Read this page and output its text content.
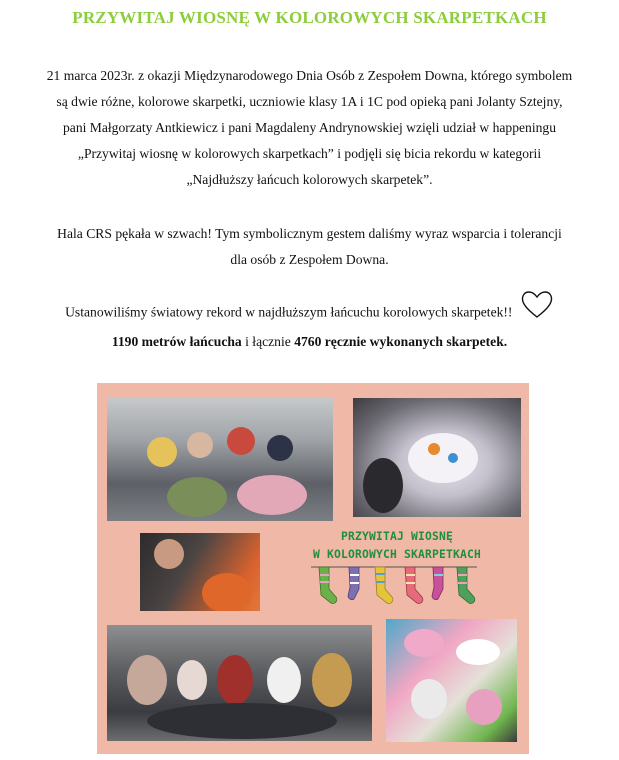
PRZYWITAJ WIOSNĘ W KOLOROWYCH SKARPETKACH
21 marca 2023r. z okazji Międzynarodowego Dnia Osób z Zespołem Downa, którego symbolem
są dwie różne, kolorowe skarpetki, uczniowie klasy 1A i 1C pod opieką pani Jolanty Sztejny,
pani Małgorzaty Antkiewicz i pani Magdaleny Andrynowskiej wzięli udział w happeningu
„Przywitaj wiosnę w kolorowych skarpetkach” i podjęli się bicia rekordu w kategorii
„Najdłuższy łańcuch kolorowych skarpetek”.
Hala CRS pękała w szwach! Tym symbolicznym gestem daliśmy wyraz wsparcia i tolerancji
dla osób z Zespołem Downa.
Ustanowiliśmy światowy rekord w najdłuższym łańcuchu korolowych skarpetek!!
1190 metrów łańcucha i łącznie 4760 ręcznie wykonanych skarpetek.
PRZYWITAJ WIOSNĘ
W KOLOROWYCH SKARPETKACH
